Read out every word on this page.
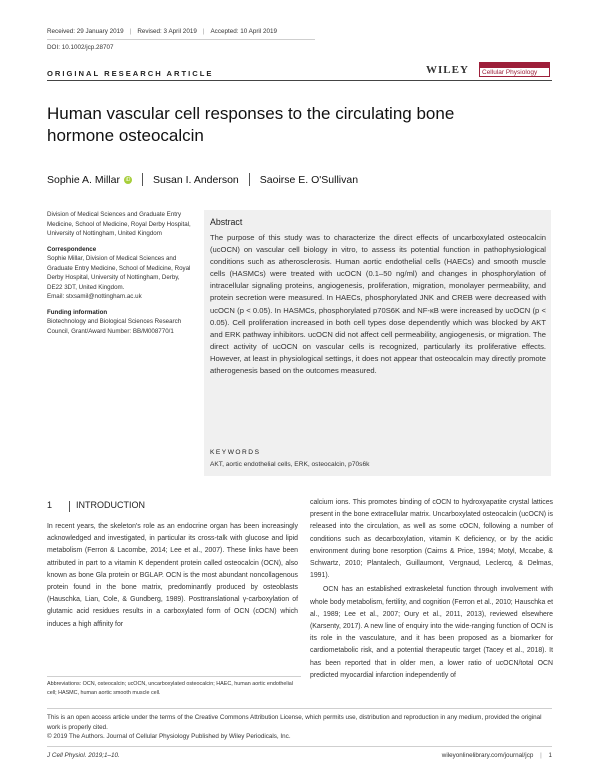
Received: 29 January 2019 | Revised: 3 April 2019 | Accepted: 10 April 2019
DOI: 10.1002/jcp.28707
ORIGINAL RESEARCH ARTICLE	WILEY	Cellular Physiology
Human vascular cell responses to the circulating bone hormone osteocalcin
Sophie A. Millar	iD Susan I. Anderson Saoirse E. O'Sullivan
Division of Medical Sciences and Graduate Entry Medicine, School of Medicine, Royal Derby Hospital, University of Nottingham, United Kingdom
Correspondence
Sophie Millar, Division of Medical Sciences and Graduate Entry Medicine, School of Medicine, Royal Derby Hospital, University of Nottingham, Derby, DE22 3DT, United Kingdom.
Email: stxsamil@nottingham.ac.uk
Funding information
Biotechnology and Biological Sciences Research Council, Grant/Award Number: BB/M008770/1
Abstract
The purpose of this study was to characterize the direct effects of uncarboxylated osteocalcin (ucOCN) on vascular cell biology in vitro, to assess its potential function in pathophysiological conditions such as atherosclerosis. Human aortic endothelial cells (HAECs) and smooth muscle cells (HASMCs) were treated with ucOCN (0.1–50 ng/ml) and changes in phosphorylation of intracellular signaling proteins, angiogenesis, proliferation, migration, monolayer permeability, and protein secretion were measured. In HAECs, phosphorylated JNK and CREB were decreased with ucOCN (p < 0.05). In HASMCs, phosphorylated p70S6K and NF-κB were increased by ucOCN (p < 0.05). Cell proliferation increased in both cell types dose dependently which was blocked by AKT and ERK pathway inhibitors. ucOCN did not affect cell permeability, angiogenesis, or migration. The direct activity of ucOCN on vascular cells is recognized, particularly its proliferative effects. However, at least in physiological settings, it does not appear that osteocalcin may directly promote atherogenesis based on the outcomes measured.
KEYWORDS
AKT, aortic endothelial cells, ERK, osteocalcin, p70s6k
1	INTRODUCTION

In recent years, the skeleton's role as an endocrine organ has been increasingly acknowledged and investigated, in particular its cross-talk with glucose and lipid metabolism (Ferron & Lacombe, 2014; Lee et al., 2007). These links have been attributed in part to a vitamin K dependent protein called osteocalcin (OCN), also known as bone Gla protein or BGLAP. OCN is the most abundant noncollagenous protein found in the bone matrix, predominantly produced by osteoblasts (Hauschka, Lian, Cole, & Gundberg, 1989). Posttranslational γ-carboxylation of glutamic acid residues results in a carboxylated form of OCN (cOCN) which induces a high affinity for

calcium ions. This promotes binding of cOCN to hydroxyapatite crystal lattices present in the bone extracellular matrix. Uncarboxylated osteocalcin (ucOCN) is released into the circulation, as well as some cOCN, following a number of conditions such as decarboxylation, vitamin K deficiency, or by the acidic environment during bone resorption (Cairns & Price, 1994; Motyl, Mccabe, & Schwartz, 2010; Plantalech, Guillaumont, Vergnaud, Leclercq, & Delmas, 1991).

OCN has an established extraskeletal function through involvement with whole body metabolism, fertility, and cognition (Ferron et al., 2010; Hauschka et al., 1989; Lee et al., 2007; Oury et al., 2011, 2013), reviewed elsewhere (Karsenty, 2017). A new line of enquiry into the wide-ranging function of OCN is its role in the vasculature, and it has been proposed as a biomarker for cardiometabolic risk, and a potential therapeutic target (Tacey et al., 2018). It has been reported that in older men, a lower ratio of ucOCN/total OCN predicted myocardial infarction independently of

Abbreviations: OCN, osteocalcin; ucOCN, uncarboxylated osteocalcin; HAEC, human aortic endothelial cell; HASMC, human aortic smooth muscle cell.
This is an open access article under the terms of the Creative Commons Attribution License, which permits use, distribution and reproduction in any medium, provided the original work is properly cited.
© 2019 The Authors. Journal of Cellular Physiology Published by Wiley Periodicals, Inc.
J Cell Physiol. 2019;1–10.	wileyonlinelibrary.com/journal/jcp | 1
